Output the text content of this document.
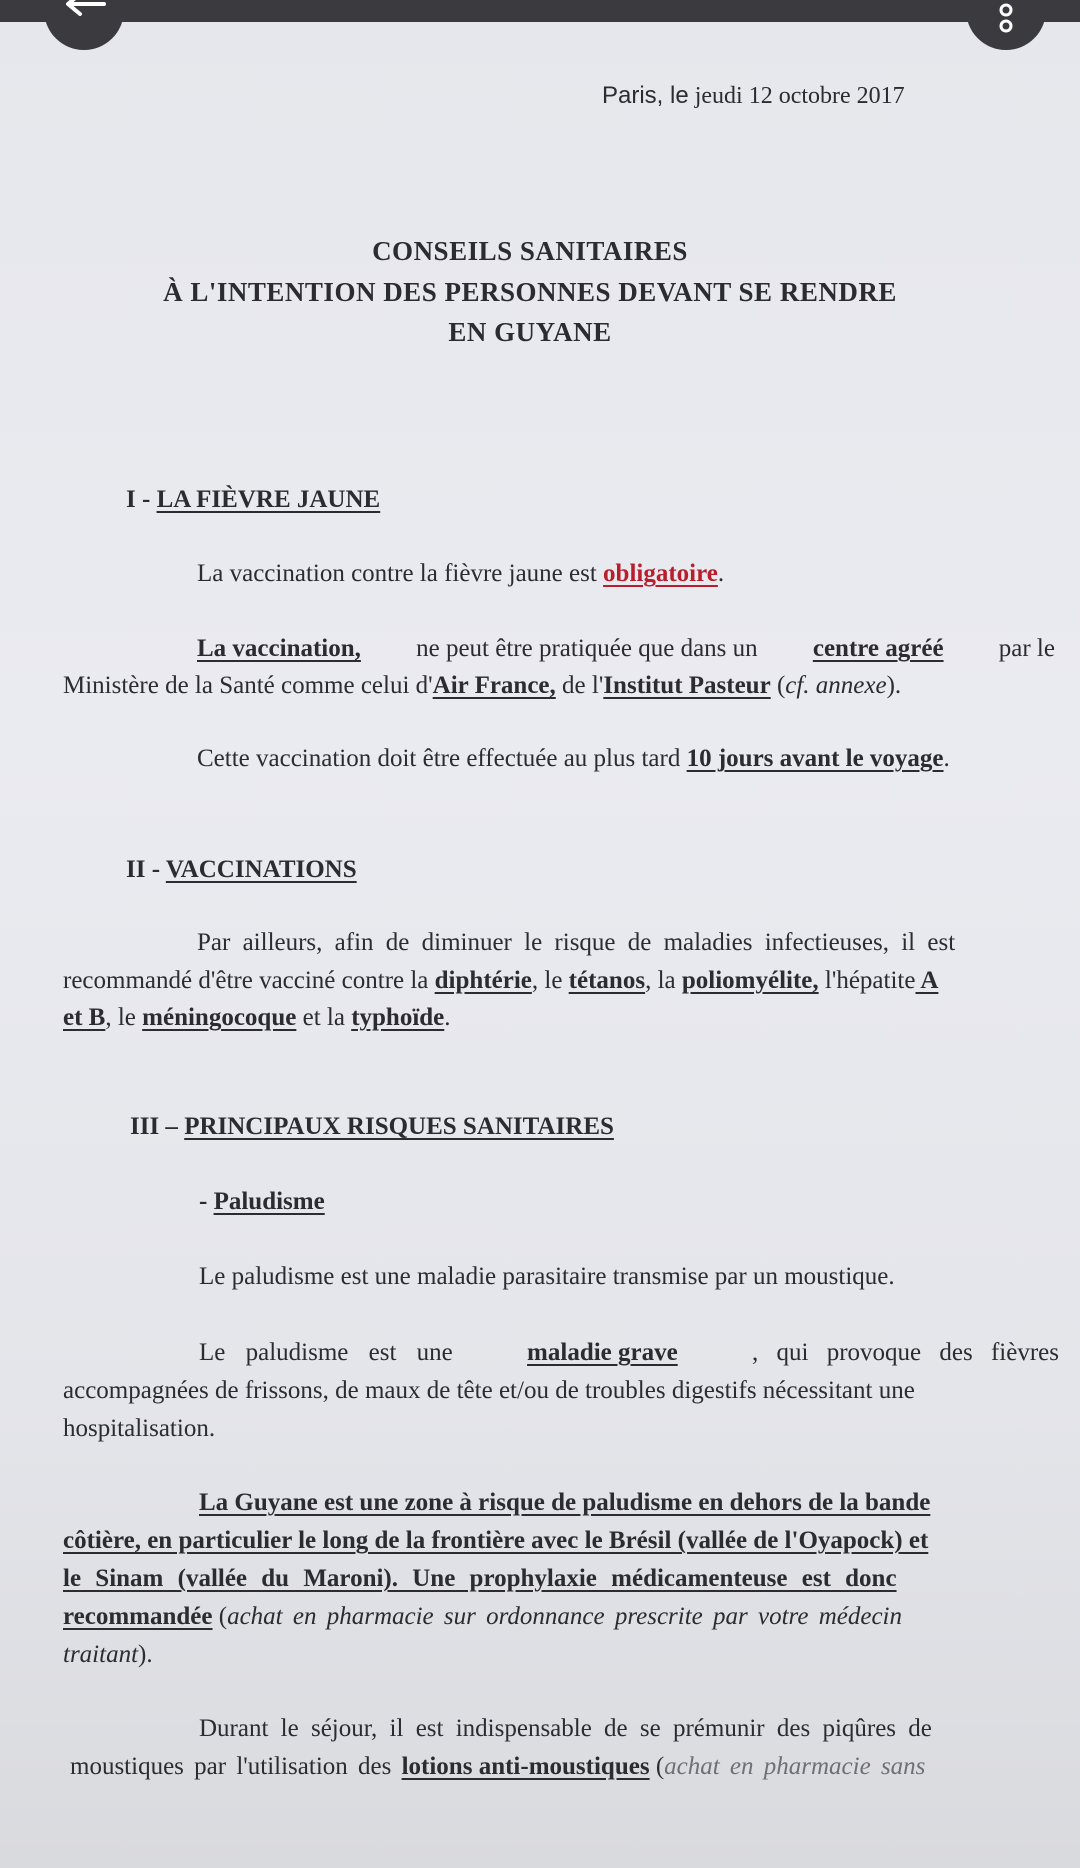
Paris, le jeudi 12 octobre 2017
CONSEILS SANITAIRES
À L'INTENTION DES PERSONNES DEVANT SE RENDRE
EN GUYANE
I - LA FIÈVRE JAUNE
La vaccination contre la fièvre jaune est obligatoire.
La vaccination, ne peut être pratiquée que dans un centre agréé par le
Ministère de la Santé comme celui d'Air France, de l'Institut Pasteur (cf. annexe).
Cette vaccination doit être effectuée au plus tard 10 jours avant le voyage.
II - VACCINATIONS
Par ailleurs, afin de diminuer le risque de maladies infectieuses, il est
recommandé d'être vacciné contre la diphtérie, le tétanos, la poliomyélite, l'hépatite A
et B, le méningocoque et la typhoïde.
III – PRINCIPAUX RISQUES SANITAIRES
- Paludisme
Le paludisme est une maladie parasitaire transmise par un moustique.
Le paludisme est une	maladie grave	, qui provoque des fièvres
accompagnées de frissons, de maux de tête et/ou de troubles digestifs nécessitant une
hospitalisation.
La Guyane est une zone à risque de paludisme en dehors de la bande
côtière, en particulier le long de la frontière avec le Brésil (vallée de l'Oyapock) et
le Sinam (vallée du Maroni). Une prophylaxie médicamenteuse est donc
recommandée (achat en pharmacie sur ordonnance prescrite par votre médecin
traitant).
Durant le séjour, il est indispensable de se prémunir des piqûres de
moustiques par l'utilisation des lotions anti-moustiques (achat en pharmacie sans
